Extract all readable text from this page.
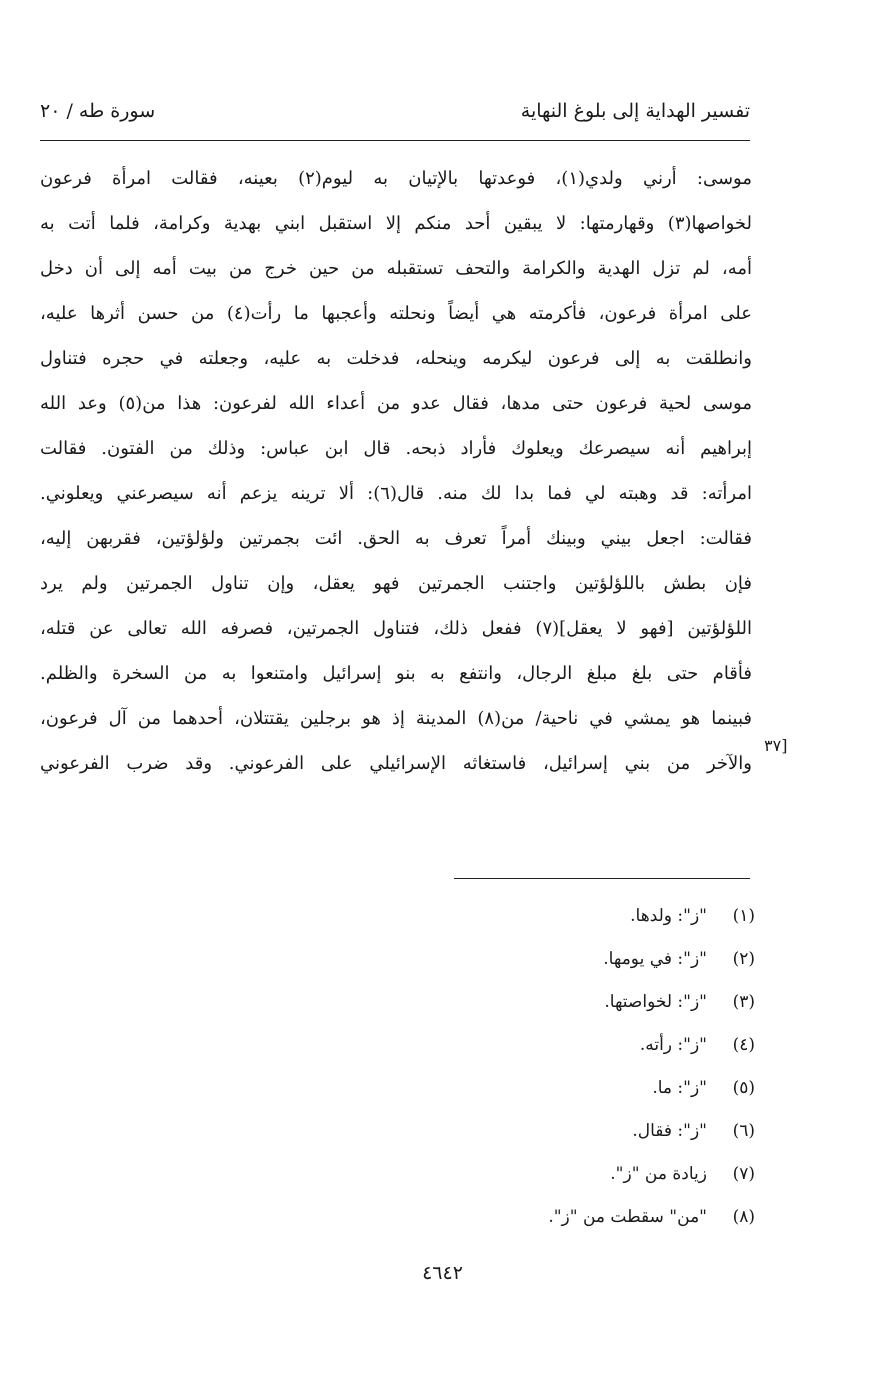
تفسير الهداية إلى بلوغ النهاية
سورة طه / ٢٠
موسى: أرني ولدي(١)، فوعدتها بالإتيان به ليوم(٢) بعينه، فقالت امرأة فرعون
لخواصها(٣) وقهارمتها: لا يبقين أحد منكم إلا استقبل ابني بهدية وكرامة، فلما أتت به
أمه، لم تزل الهدية والكرامة والتحف تستقبله من حين خرج من بيت أمه إلى أن دخل
على امرأة فرعون، فأكرمته هي أيضاً ونحلته وأعجبها ما رأت(٤) من حسن أثرها عليه،
وانطلقت به إلى فرعون ليكرمه وينحله، فدخلت به عليه، وجعلته في حجره فتناول
موسى لحية فرعون حتى مدها، فقال عدو من أعداء الله لفرعون: هذا من(٥) وعد الله
إبراهيم أنه سيصرعك ويعلوك فأراد ذبحه. قال ابن عباس: وذلك من الفتون. فقالت
امرأته: قد وهبته لي فما بدا لك منه. قال(٦): ألا ترينه يزعم أنه سيصرعني ويعلوني.
فقالت: اجعل بيني وبينك أمراً تعرف به الحق. ائت بجمرتين ولؤلؤتين، فقربهن إليه،
فإن بطش باللؤلؤتين واجتنب الجمرتين فهو يعقل، وإن تناول الجمرتين ولم يرد
اللؤلؤتين [فهو لا يعقل](٧) ففعل ذلك، فتناول الجمرتين، فصرفه الله تعالى عن قتله،
فأقام حتى بلغ مبلغ الرجال، وانتفع به بنو إسرائيل وامتنعوا به من السخرة والظلم.
فبينما هو يمشي في ناحية/ من(٨) المدينة إذ هو برجلين يقتتلان، أحدهما من آل فرعون،
والآخر من بني إسرائيل، فاستغاثه الإسرائيلي على الفرعوني. وقد ضرب الفرعوني
[٣٧
(١)"ز": ولدها.
(٢)"ز": في يومها.
(٣)"ز": لخواصتها.
(٤)"ز": رأته.
(٥)"ز": ما.
(٦)"ز": فقال.
(٧)زيادة من "ز".
(٨)"من" سقطت من "ز".
٤٦٤٢
